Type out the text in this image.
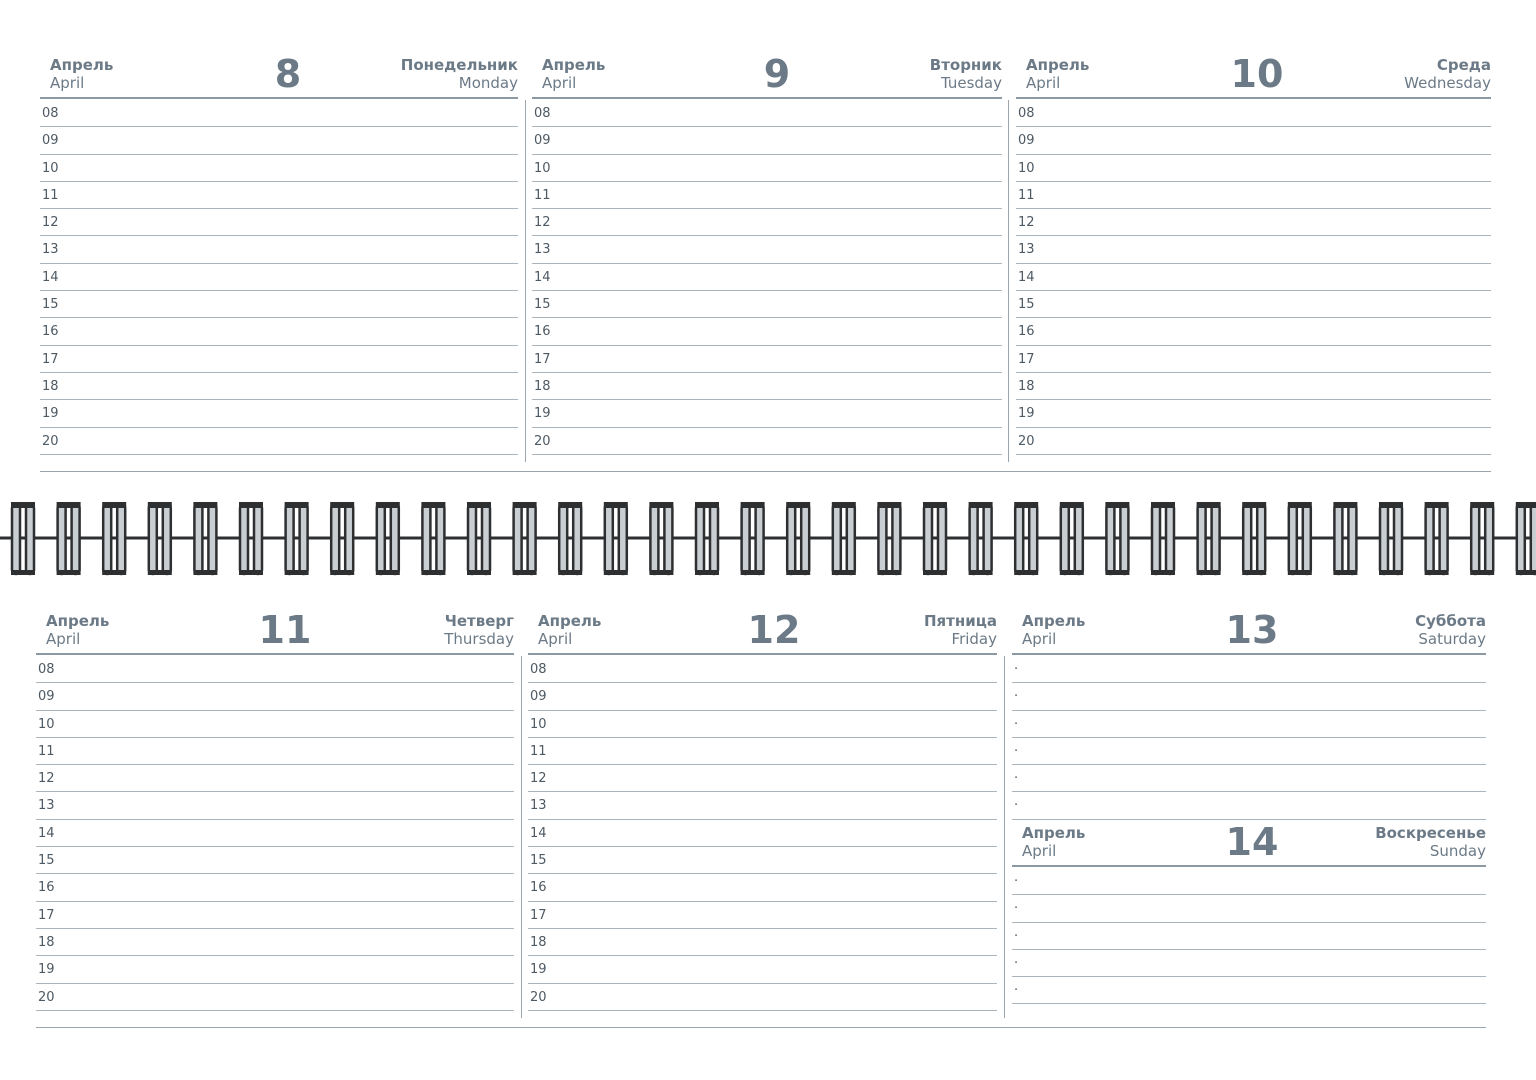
Апрель
April	8	Понедельник
Monday
08
09
10
11
12
13
14
15
16
17
18
19
20
Апрель
April	9	Вторник
Tuesday
08
09
10
11
12
13
14
15
16
17
18
19
20
Апрель
April	10	Среда
Wednesday
08
09
10
11
12
13
14
15
16
17
18
19
20
Апрель
April	11	Четверг
Thursday
08
09
10
11
12
13
14
15
16
17
18
19
20
Апрель
April	12	Пятница
Friday
08
09
10
11
12
13
14
15
16
17
18
19
20
Апрель
April	13	Суббота
Saturday
·
·
·
·
·
·
Апрель
April	14	Воскресенье
Sunday
·
·
·
·
·
